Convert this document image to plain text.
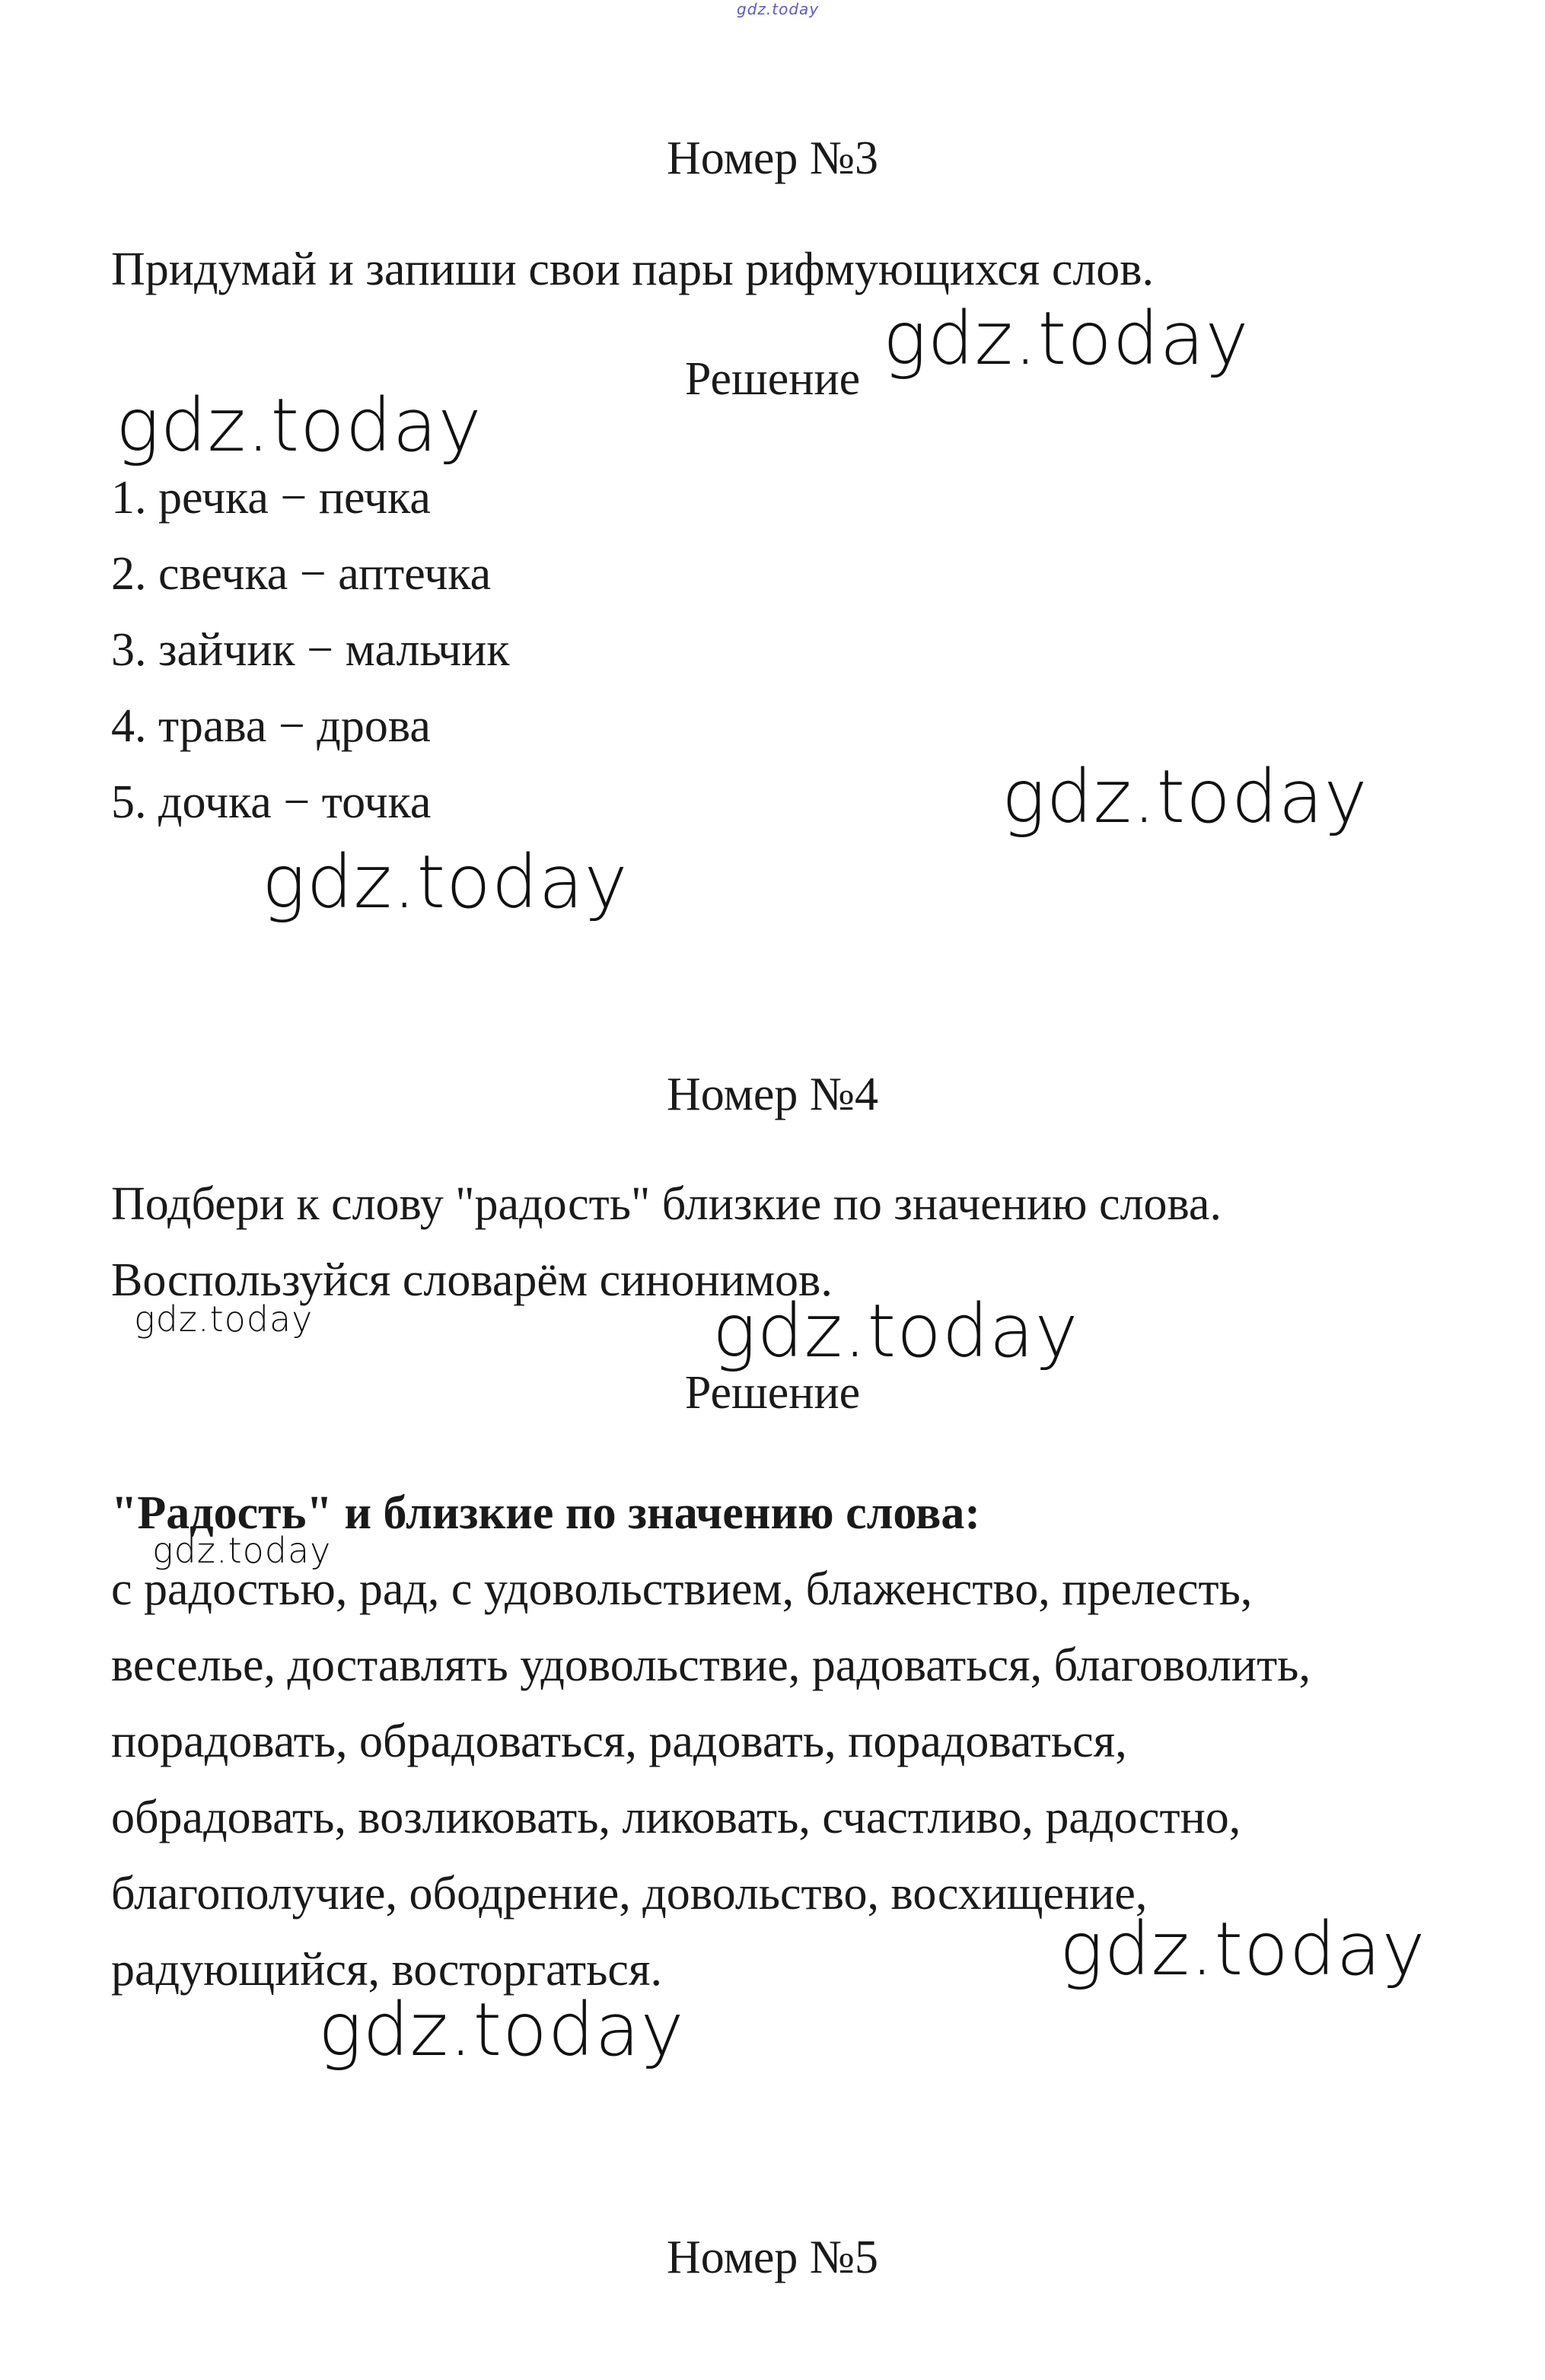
gdz.today
Номер №3
Придумай и запиши свои пары рифмующихся слов.
Решение
1. речка − печка
2. свечка − аптечка
3. зайчик − мальчик
4. трава − дрова
5. дочка − точка
Номер №4
Подбери к слову "радость" близкие по значению слова.
Воспользуйся словарём синонимов.
Решение
"Радость" и близкие по значению слова:
с радостью, рад, с удовольствием, блаженство, прелесть,
веселье, доставлять удовольствие, радоваться, благоволить,
порадовать, обрадоваться, радовать, порадоваться,
обрадовать, возликовать, ликовать, счастливо, радостно,
благополучие, ободрение, довольство, восхищение,
радующийся, восторгаться.
Номер №5
gdz.today
gdz.today
gdz.today
gdz.today
gdz.today	gdz.today
gdz.today
gdz.today
gdz.today
